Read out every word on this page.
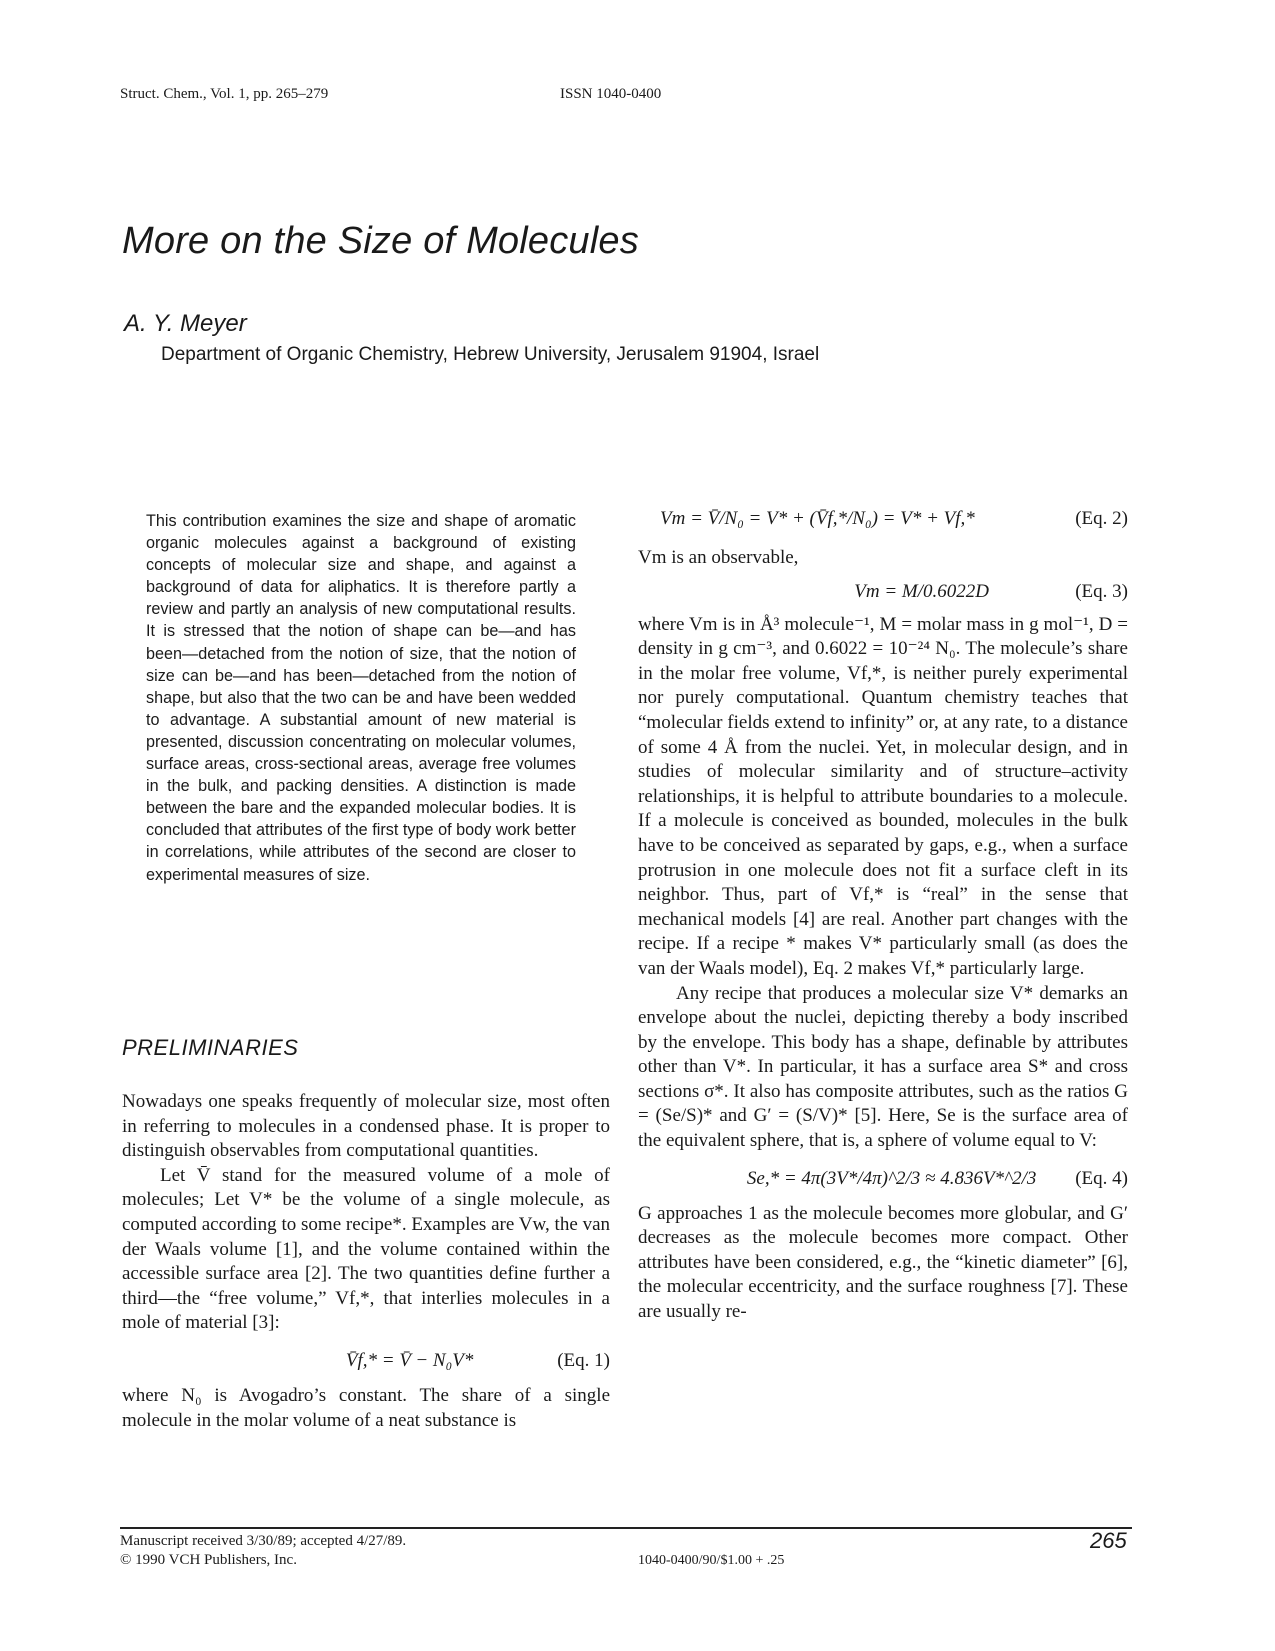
Struct. Chem., Vol. 1, pp. 265–279	ISSN 1040-0400
More on the Size of Molecules
A. Y. Meyer
Department of Organic Chemistry, Hebrew University, Jerusalem 91904, Israel

This contribution examines the size and shape of aromatic organic molecules against a background of existing concepts of molecular size and shape, and against a background of data for aliphatics. It is therefore partly a review and partly an analysis of new computational results. It is stressed that the notion of shape can be—and has been—detached from the notion of size, that the notion of size can be—and has been—detached from the notion of shape, but also that the two can be and have been wedded to advantage. A substantial amount of new material is presented, discussion concentrating on molecular volumes, surface areas, cross-sectional areas, average free volumes in the bulk, and packing densities. A distinction is made between the bare and the expanded molecular bodies. It is concluded that attributes of the first type of body work better in correlations, while attributes of the second are closer to experimental measures of size.

PRELIMINARIES

Nowadays one speaks frequently of molecular size, most often in referring to molecules in a condensed phase. It is proper to distinguish observables from computational quantities.

Let V̄ stand for the measured volume of a mole of molecules; Let V* be the volume of a single molecule, as computed according to some recipe*. Examples are Vw, the van der Waals volume [1], and the volume contained within the accessible surface area [2]. The two quantities define further a third—the “free volume,” Vf,*, that interlies molecules in a mole of material [3]:

V̄f,* = V̄ − N₀V*	(Eq. 1)

where N₀ is Avogadro’s constant. The share of a single molecule in the molar volume of a neat substance is

Vm = V̄/N₀ = V* + (V̄f,*/N₀) = V* + Vf,*	(Eq. 2)

Vm is an observable,

Vm = M/0.6022D	(Eq. 3)

where Vm is in Å³ molecule⁻¹, M = molar mass in g mol⁻¹, D = density in g cm⁻³, and 0.6022 = 10⁻²⁴ N₀. The molecule’s share in the molar free volume, Vf,*, is neither purely experimental nor purely computational. Quantum chemistry teaches that “molecular fields extend to infinity” or, at any rate, to a distance of some 4 Å from the nuclei. Yet, in molecular design, and in studies of molecular similarity and of structure–activity relationships, it is helpful to attribute boundaries to a molecule. If a molecule is conceived as bounded, molecules in the bulk have to be conceived as separated by gaps, e.g., when a surface protrusion in one molecule does not fit a surface cleft in its neighbor. Thus, part of Vf,* is “real” in the sense that mechanical models [4] are real. Another part changes with the recipe. If a recipe * makes V* particularly small (as does the van der Waals model), Eq. 2 makes Vf,* particularly large.

Any recipe that produces a molecular size V* demarks an envelope about the nuclei, depicting thereby a body inscribed by the envelope. This body has a shape, definable by attributes other than V*. In particular, it has a surface area S* and cross sections σ*. It also has composite attributes, such as the ratios G = (Se/S)* and G′ = (S/V)* [5]. Here, Se is the surface area of the equivalent sphere, that is, a sphere of volume equal to V:

Se,* = 4π(3V*/4π)^2/3 ≈ 4.836V*^2/3 (Eq. 4)

G approaches 1 as the molecule becomes more globular, and G′ decreases as the molecule becomes more compact. Other attributes have been considered, e.g., the “kinetic diameter” [6], the molecular eccentricity, and the surface roughness [7]. These are usually re-

Manuscript received 3/30/89; accepted 4/27/89.
© 1990 VCH Publishers, Inc.	1040-0400/90/$1.00 + .25
265
